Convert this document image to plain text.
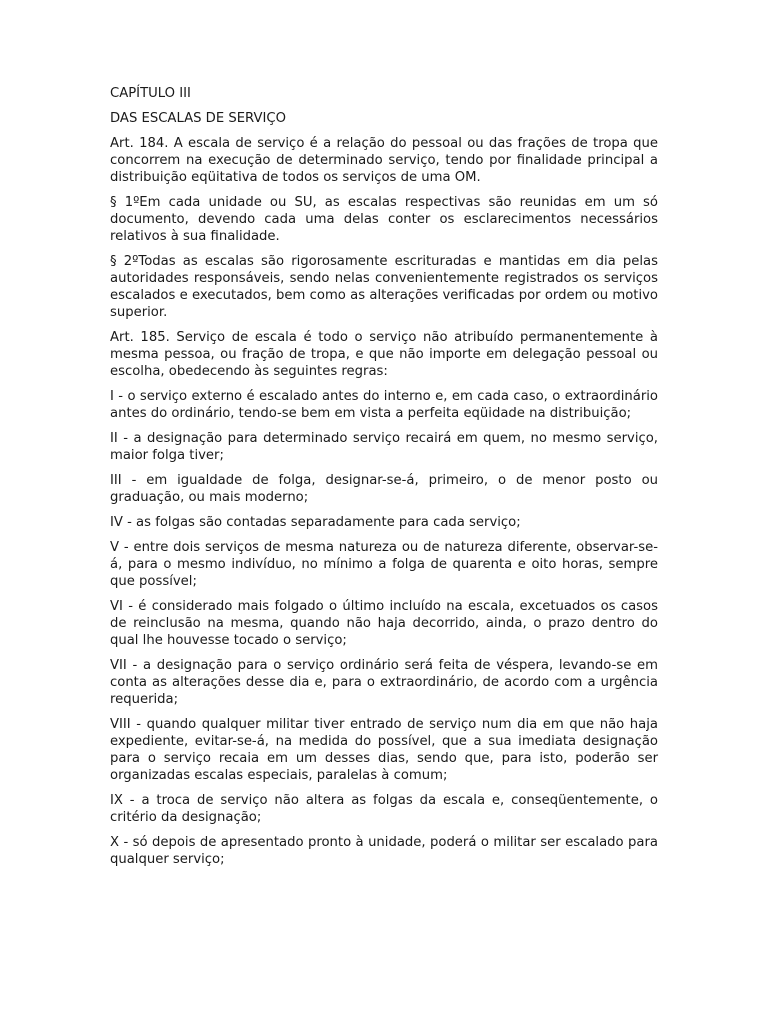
CAPÍTULO III
DAS ESCALAS DE SERVIÇO
Art. 184. A escala de serviço é a relação do pessoal ou das frações de tropa que concorrem na execução de determinado serviço, tendo por finalidade principal a distribuição eqüitativa de todos os serviços de uma OM.
§ 1ºEm cada unidade ou SU, as escalas respectivas são reunidas em um só documento, devendo cada uma delas conter os esclarecimentos necessários relativos à sua finalidade.
§ 2ºTodas as escalas são rigorosamente escrituradas e mantidas em dia pelas autoridades responsáveis, sendo nelas convenientemente registrados os serviços escalados e executados, bem como as alterações verificadas por ordem ou motivo superior.
Art. 185. Serviço de escala é todo o serviço não atribuído permanentemente à mesma pessoa, ou fração de tropa, e que não importe em delegação pessoal ou escolha, obedecendo às seguintes regras:
I - o serviço externo é escalado antes do interno e, em cada caso, o extraordinário antes do ordinário, tendo-se bem em vista a perfeita eqüidade na distribuição;
II - a designação para determinado serviço recairá em quem, no mesmo serviço, maior folga tiver;
III - em igualdade de folga, designar-se-á, primeiro, o de menor posto ou graduação, ou mais moderno;
IV - as folgas são contadas separadamente para cada serviço;
V - entre dois serviços de mesma natureza ou de natureza diferente, observar-se-á, para o mesmo indivíduo, no mínimo a folga de quarenta e oito horas, sempre que possível;
VI - é considerado mais folgado o último incluído na escala, excetuados os casos de reinclusão na mesma, quando não haja decorrido, ainda, o prazo dentro do qual lhe houvesse tocado o serviço;
VII - a designação para o serviço ordinário será feita de véspera, levando-se em conta as alterações desse dia e, para o extraordinário, de acordo com a urgência requerida;
VIII - quando qualquer militar tiver entrado de serviço num dia em que não haja expediente, evitar-se-á, na medida do possível, que a sua imediata designação para o serviço recaia em um desses dias, sendo que, para isto, poderão ser organizadas escalas especiais, paralelas à comum;
IX - a troca de serviço não altera as folgas da escala e, conseqüentemente, o critério da designação;
X - só depois de apresentado pronto à unidade, poderá o militar ser escalado para qualquer serviço;
